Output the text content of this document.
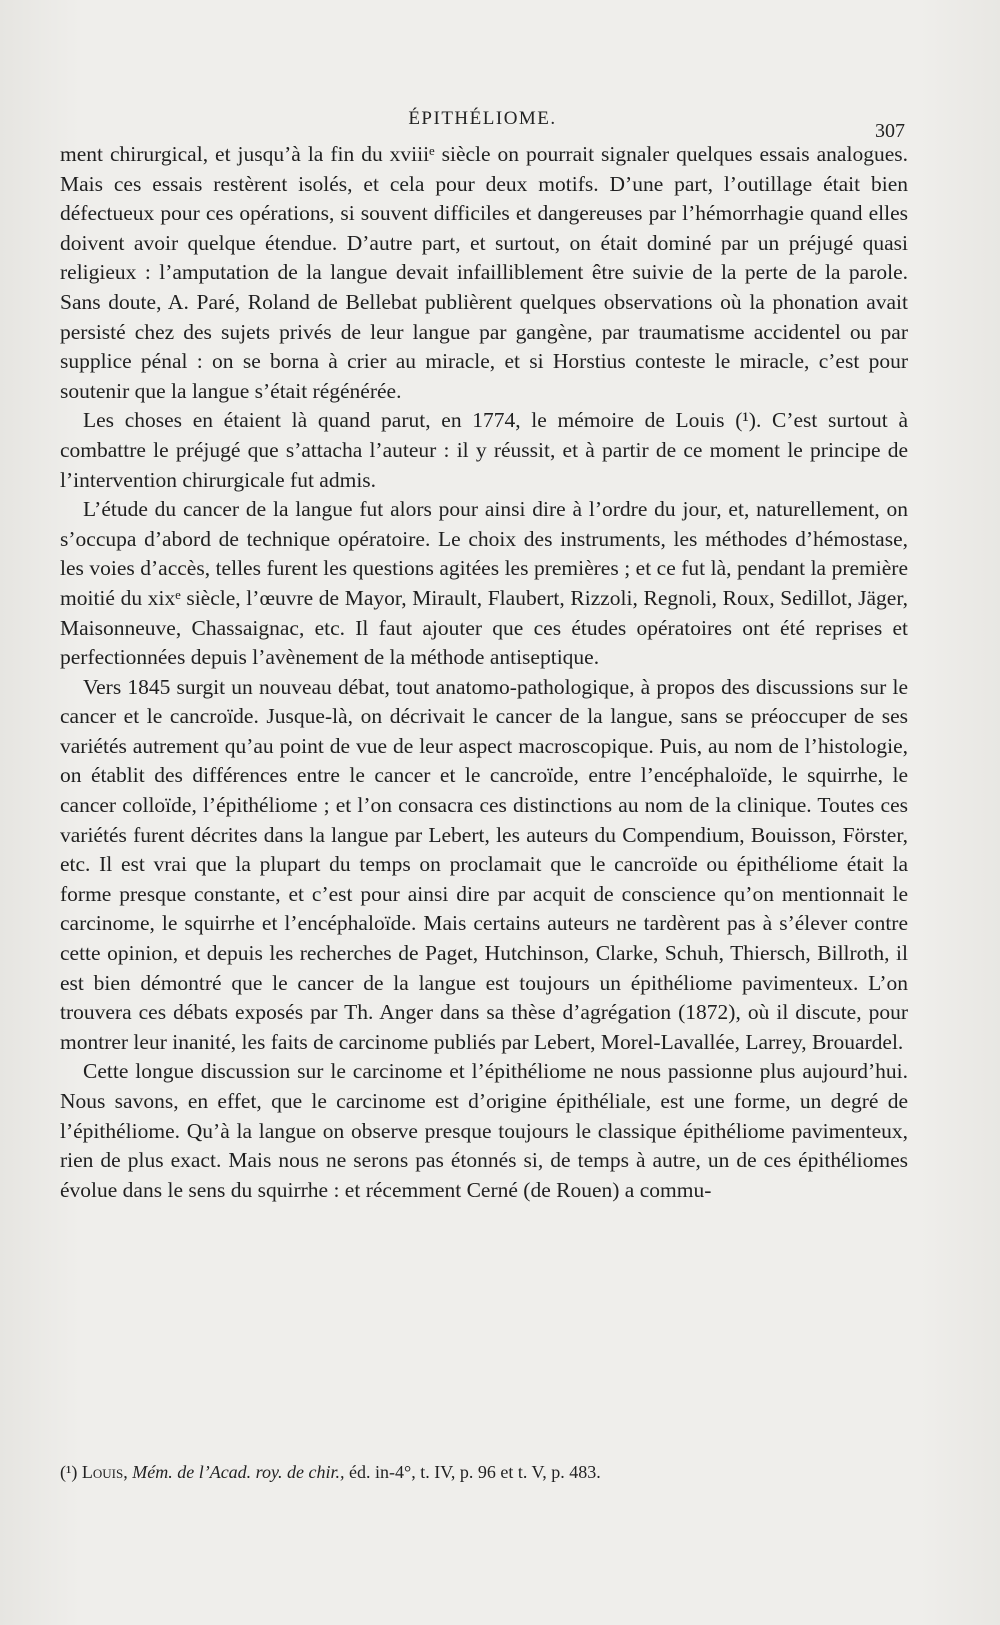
ÉPITHÉLIOME.
307

ment chirurgical, et jusqu’à la fin du xviiiᵉ siècle on pourrait signaler quelques essais analogues. Mais ces essais restèrent isolés, et cela pour deux motifs. D’une part, l’outillage était bien défectueux pour ces opérations, si souvent difficiles et dangereuses par l’hémorrhagie quand elles doivent avoir quelque étendue. D’autre part, et surtout, on était dominé par un préjugé quasi religieux : l’amputation de la langue devait infailliblement être suivie de la perte de la parole. Sans doute, A. Paré, Roland de Bellebat publièrent quelques observations où la phonation avait persisté chez des sujets privés de leur langue par gangène, par traumatisme accidentel ou par supplice pénal : on se borna à crier au miracle, et si Horstius conteste le miracle, c’est pour soutenir que la langue s’était régénérée.

Les choses en étaient là quand parut, en 1774, le mémoire de Louis (¹). C’est surtout à combattre le préjugé que s’attacha l’auteur : il y réussit, et à partir de ce moment le principe de l’intervention chirurgicale fut admis.

L’étude du cancer de la langue fut alors pour ainsi dire à l’ordre du jour, et, naturellement, on s’occupa d’abord de technique opératoire. Le choix des instruments, les méthodes d’hémostase, les voies d’accès, telles furent les questions agitées les premières ; et ce fut là, pendant la première moitié du xixᵉ siècle, l’œuvre de Mayor, Mirault, Flaubert, Rizzoli, Regnoli, Roux, Sedillot, Jäger, Maisonneuve, Chassaignac, etc. Il faut ajouter que ces études opératoires ont été reprises et perfectionnées depuis l’avènement de la méthode antiseptique.

Vers 1845 surgit un nouveau débat, tout anatomo-pathologique, à propos des discussions sur le cancer et le cancroïde. Jusque-là, on décrivait le cancer de la langue, sans se préoccuper de ses variétés autrement qu’au point de vue de leur aspect macroscopique. Puis, au nom de l’histologie, on établit des différences entre le cancer et le cancroïde, entre l’encéphaloïde, le squirrhe, le cancer colloïde, l’épithéliome ; et l’on consacra ces distinctions au nom de la clinique. Toutes ces variétés furent décrites dans la langue par Lebert, les auteurs du Compendium, Bouisson, Förster, etc. Il est vrai que la plupart du temps on proclamait que le cancroïde ou épithéliome était la forme presque constante, et c’est pour ainsi dire par acquit de conscience qu’on mentionnait le carcinome, le squirrhe et l’encéphaloïde. Mais certains auteurs ne tardèrent pas à s’élever contre cette opinion, et depuis les recherches de Paget, Hutchinson, Clarke, Schuh, Thiersch, Billroth, il est bien démontré que le cancer de la langue est toujours un épithéliome pavimenteux. L’on trouvera ces débats exposés par Th. Anger dans sa thèse d’agrégation (1872), où il discute, pour montrer leur inanité, les faits de carcinome publiés par Lebert, Morel-Lavallée, Larrey, Brouardel.

Cette longue discussion sur le carcinome et l’épithéliome ne nous passionne plus aujourd’hui. Nous savons, en effet, que le carcinome est d’origine épithéliale, est une forme, un degré de l’épithéliome. Qu’à la langue on observe presque toujours le classique épithéliome pavimenteux, rien de plus exact. Mais nous ne serons pas étonnés si, de temps à autre, un de ces épithéliomes évolue dans le sens du squirrhe : et récemment Cerné (de Rouen) a commu-

(¹) Louis, Mém. de l’Acad. roy. de chir., éd. in-4°, t. IV, p. 96 et t. V, p. 483.
